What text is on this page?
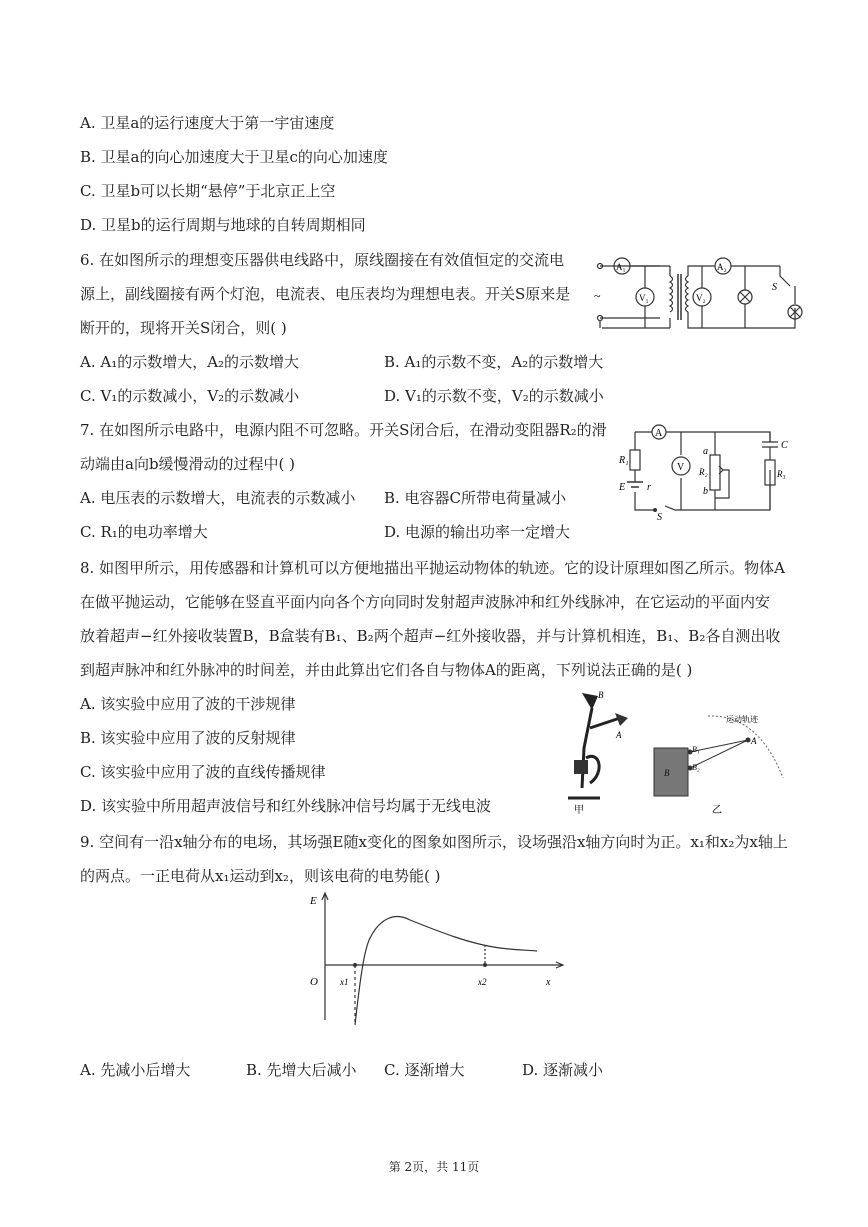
A. 卫星a的运行速度大于第一宇宙速度
B. 卫星a的向心加速度大于卫星c的向心加速度
C. 卫星b可以长期“悬停”于北京正上空
D. 卫星b的运行周期与地球的自转周期相同
6. 在如图所示的理想变压器供电线路中，原线圈接在有效值恒定的交流电
源上，副线圈接有两个灯泡，电流表、电压表均为理想电表。开关S原来是
断开的，现将开关S闭合，则( )
A. A₁的示数增大，A₂的示数增大	B. A₁的示数不变，A₂的示数增大
C. V₁的示数减小，V₂的示数减小	D. V₁的示数不变，V₂的示数减小
~
A₁
V₁
A₂
V₂
S
7. 在如图所示电路中，电源内阻不可忽略。开关S闭合后，在滑动变阻器R₂的滑
动端由a向b缓慢滑动的过程中( )
A. 电压表的示数增大，电流表的示数减小 B. 电容器C所带电荷量减小
C. R₁的电功率增大	D. 电源的输出功率一定增大
A
V
R₁
E r
a
R₂
b
C
R₃
S
8. 如图甲所示，用传感器和计算机可以方便地描出平抛运动物体的轨迹。它的设计原理如图乙所示。物体A
在做平抛运动，它能够在竖直平面内向各个方向同时发射超声波脉冲和红外线脉冲，在它运动的平面内安
放着超声−红外接收装置B，B盒装有B₁、B₂两个超声−红外接收器，并与计算机相连，B₁、B₂各自测出收
到超声脉冲和红外脉冲的时间差，并由此算出它们各自与物体A的距离，下列说法正确的是( )
A. 该实验中应用了波的干涉规律
B. 该实验中应用了波的反射规律
C. 该实验中应用了波的直线传播规律
D. 该实验中所用超声波信号和红外线脉冲信号均属于无线电波
B
A
甲
运动轨迹
A
B
B₁
B₂
乙
9. 空间有一沿x轴分布的电场，其场强E随x变化的图象如图所示，设场强沿x轴方向时为正。x₁和x₂为x轴上
的两点。一正电荷从x₁运动到x₂，则该电荷的电势能( )
E
O x1	x2	x
A. 先减小后增大	B. 先增大后减小 C. 逐渐增大	D. 逐渐减小
第 2页，共 11页
